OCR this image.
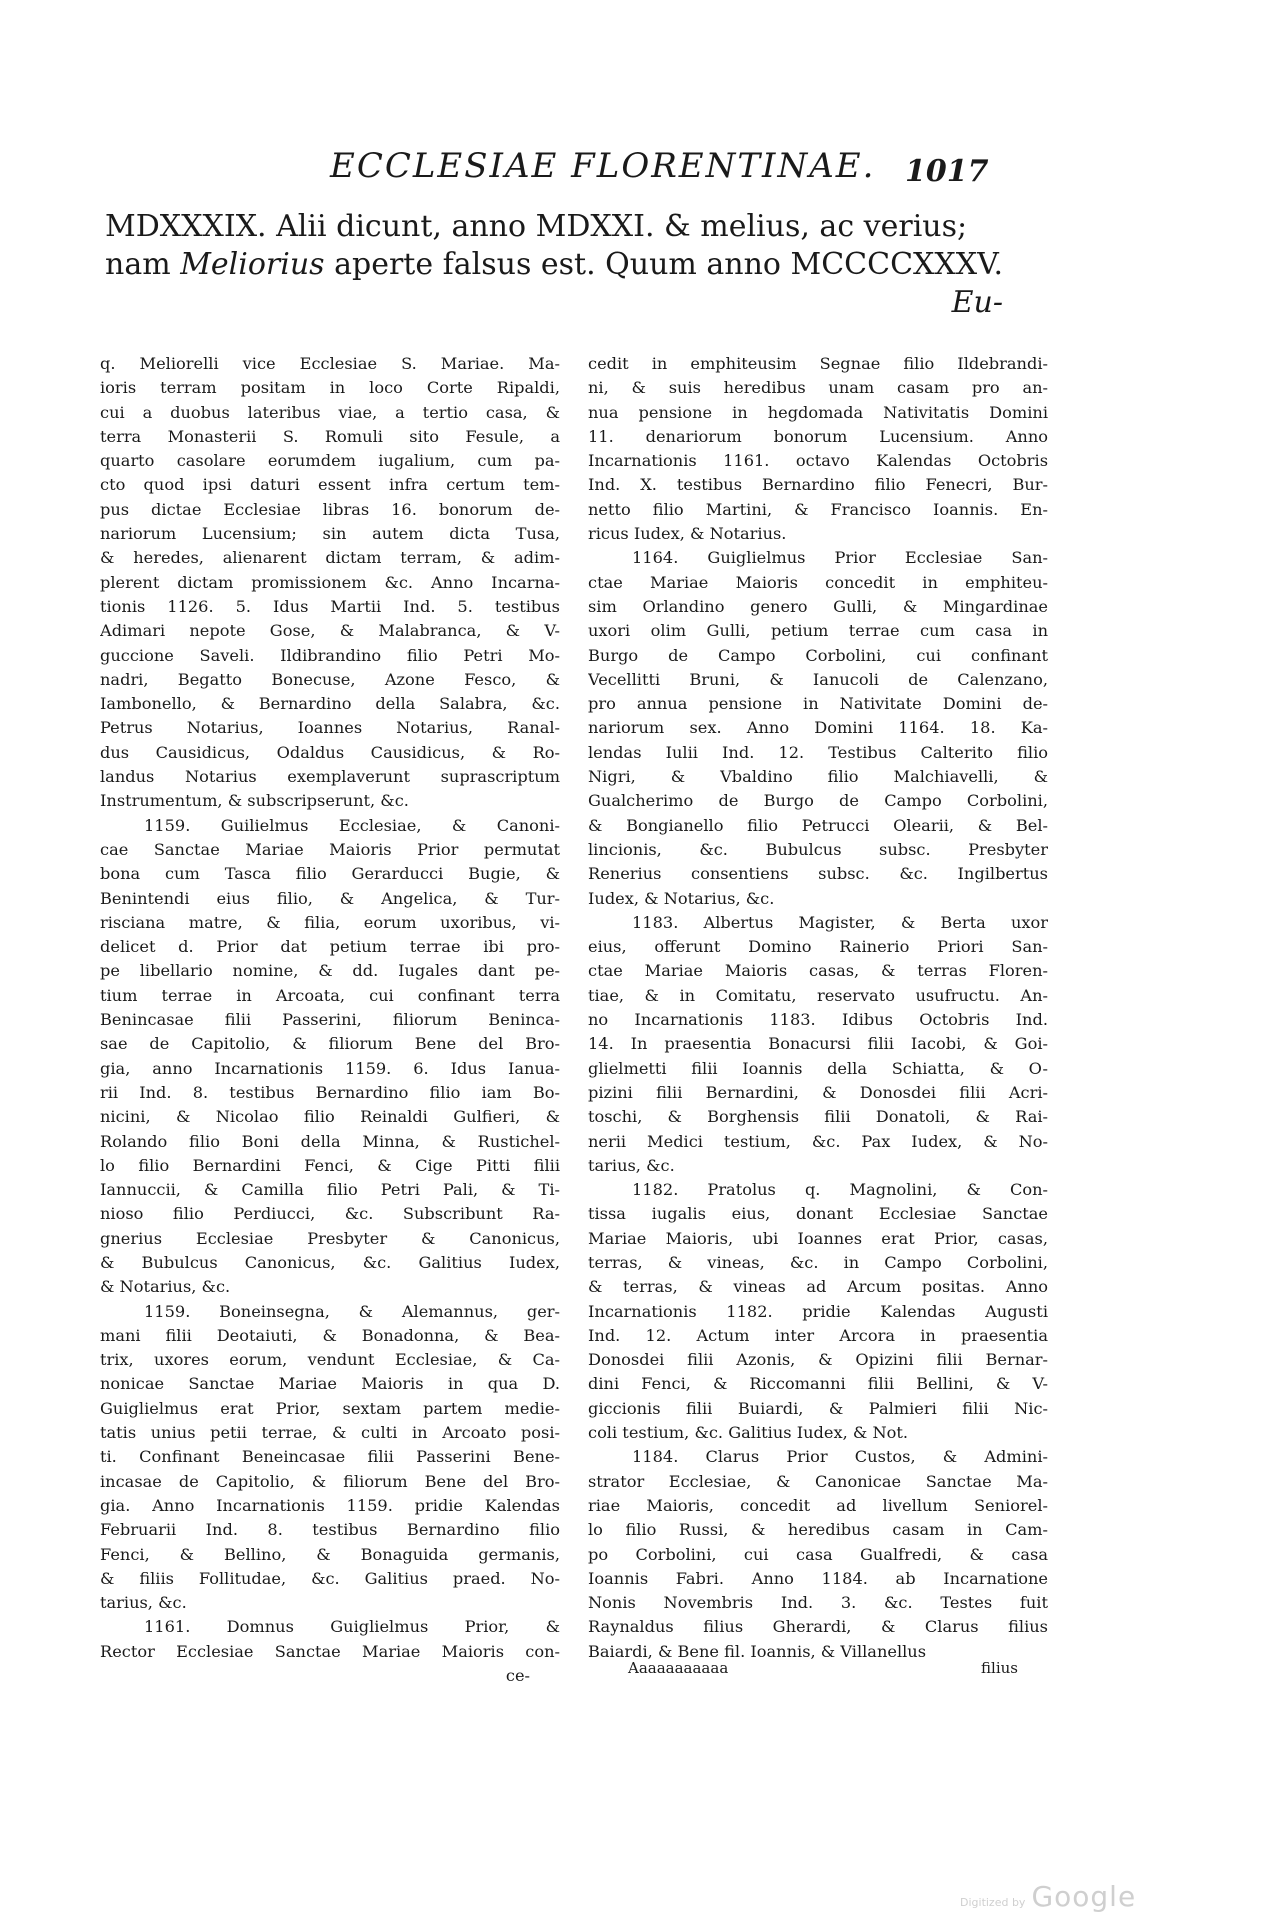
ECCLESIAE FLORENTINAE. 1017
MDXXXIX. Alii dicunt, anno MDXXI. & melius, ac verius;
nam Meliorius aperte falsus est. Quum anno MCCCCXXXV.
Eu-
q. Meliorelli vice Ecclesiae S. Mariae. Ma-
ioris terram positam in loco Corte Ripaldi,
cui a duobus lateribus viae, a tertio casa, &
terra Monasterii S. Romuli sito Fesule, a
quarto casolare eorumdem iugalium, cum pa-
cto quod ipsi daturi essent infra certum tem-
pus dictae Ecclesiae libras 16. bonorum de-
nariorum Lucensium; sin autem dicta Tusa,
& heredes, alienarent dictam terram, & adim-
plerent dictam promissionem &c. Anno Incarna-
tionis 1126. 5. Idus Martii Ind. 5. testibus
Adimari nepote Gose, & Malabranca, & V-
guccione Saveli. Ildibrandino filio Petri Mo-
nadri, Begatto Bonecuse, Azone Fesco, &
Iambonello, & Bernardino della Salabra, &c.
Petrus Notarius, Ioannes Notarius, Ranal-
dus Causidicus, Odaldus Causidicus, & Ro-
landus Notarius exemplaverunt suprascriptum
Instrumentum, & subscripserunt, &c.
1159. Guilielmus Ecclesiae, & Canoni-
cae Sanctae Mariae Maioris Prior permutat
bona cum Tasca filio Gerarducci Bugie, &
Benintendi eius filio, & Angelica, & Tur-
risciana matre, & filia, eorum uxoribus, vi-
delicet d. Prior dat petium terrae ibi pro-
pe libellario nomine, & dd. Iugales dant pe-
tium terrae in Arcoata, cui confinant terra
Benincasae filii Passerini, filiorum Beninca-
sae de Capitolio, & filiorum Bene del Bro-
gia, anno Incarnationis 1159. 6. Idus Ianua-
rii Ind. 8. testibus Bernardino filio iam Bo-
nicini, & Nicolao filio Reinaldi Gulfieri, &
Rolando filio Boni della Minna, & Rustichel-
lo filio Bernardini Fenci, & Cige Pitti filii
Iannuccii, & Camilla filio Petri Pali, & Ti-
nioso filio Perdiucci, &c. Subscribunt Ra-
gnerius Ecclesiae Presbyter & Canonicus,
& Bubulcus Canonicus, &c. Galitius Iudex,
& Notarius, &c.
1159. Boneinsegna, & Alemannus, ger-
mani filii Deotaiuti, & Bonadonna, & Bea-
trix, uxores eorum, vendunt Ecclesiae, & Ca-
nonicae Sanctae Mariae Maioris in qua D.
Guiglielmus erat Prior, sextam partem medie-
tatis unius petii terrae, & culti in Arcoato posi-
ti. Confinant Beneincasae filii Passerini Bene-
incasae de Capitolio, & filiorum Bene del Bro-
gia. Anno Incarnationis 1159. pridie Kalendas
Februarii Ind. 8. testibus Bernardino filio
Fenci, & Bellino, & Bonaguida germanis,
& filiis Follitudae, &c. Galitius praed. No-
tarius, &c.
1161. Domnus Guiglielmus Prior, &
Rector Ecclesiae Sanctae Mariae Maioris con-
ce-
cedit in emphiteusim Segnae filio Ildebrandi-
ni, & suis heredibus unam casam pro an-
nua pensione in hegdomada Nativitatis Domini
11. denariorum bonorum Lucensium. Anno
Incarnationis 1161. octavo Kalendas Octobris
Ind. X. testibus Bernardino filio Fenecri, Bur-
netto filio Martini, & Francisco Ioannis. En-
ricus Iudex, & Notarius.
1164. Guiglielmus Prior Ecclesiae San-
ctae Mariae Maioris concedit in emphiteu-
sim Orlandino genero Gulli, & Mingardinae
uxori olim Gulli, petium terrae cum casa in
Burgo de Campo Corbolini, cui confinant
Vecellitti Bruni, & Ianucoli de Calenzano,
pro annua pensione in Nativitate Domini de-
nariorum sex. Anno Domini 1164. 18. Ka-
lendas Iulii Ind. 12. Testibus Calterito filio
Nigri, & Vbaldino filio Malchiavelli, &
Gualcherimo de Burgo de Campo Corbolini,
& Bongianello filio Petrucci Olearii, & Bel-
lincionis, &c. Bubulcus subsc. Presbyter
Renerius consentiens subsc. &c. Ingilbertus
Iudex, & Notarius, &c.
1183. Albertus Magister, & Berta uxor
eius, offerunt Domino Rainerio Priori San-
ctae Mariae Maioris casas, & terras Floren-
tiae, & in Comitatu, reservato usufructu. An-
no Incarnationis 1183. Idibus Octobris Ind.
14. In praesentia Bonacursi filii Iacobi, & Goi-
glielmetti filii Ioannis della Schiatta, & O-
pizini filii Bernardini, & Donosdei filii Acri-
toschi, & Borghensis filii Donatoli, & Rai-
nerii Medici testium, &c. Pax Iudex, & No-
tarius, &c.
1182. Pratolus q. Magnolini, & Con-
tissa iugalis eius, donant Ecclesiae Sanctae
Mariae Maioris, ubi Ioannes erat Prior, casas,
terras, & vineas, &c. in Campo Corbolini,
& terras, & vineas ad Arcum positas. Anno
Incarnationis 1182. pridie Kalendas Augusti
Ind. 12. Actum inter Arcora in praesentia
Donosdei filii Azonis, & Opizini filii Bernar-
dini Fenci, & Riccomanni filii Bellini, & V-
giccionis filii Buiardi, & Palmieri filii Nic-
coli testium, &c. Galitius Iudex, & Not.
1184. Clarus Prior Custos, & Admini-
strator Ecclesiae, & Canonicae Sanctae Ma-
riae Maioris, concedit ad livellum Seniorel-
lo filio Russi, & heredibus casam in Cam-
po Corbolini, cui casa Gualfredi, & casa
Ioannis Fabri. Anno 1184. ab Incarnatione
Nonis Novembris Ind. 3. &c. Testes fuit
Raynaldus filius Gherardi, & Clarus filius
Baiardi, & Bene fil. Ioannis, & Villanellus
Aaaaaaaaaaa	filius
Digitized by Google
